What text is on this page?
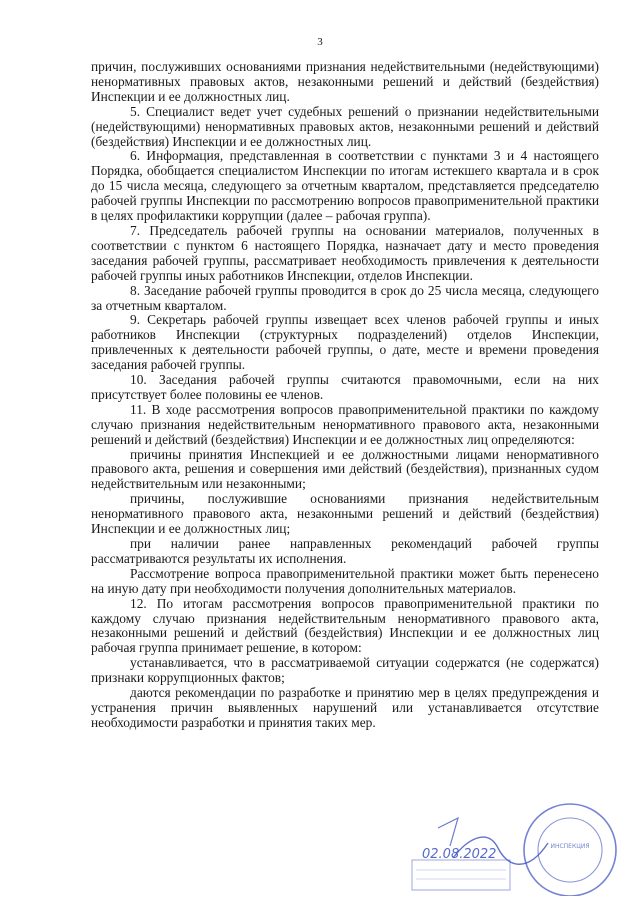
3

причин, послуживших основаниями признания недействительными (недействующими) ненормативных правовых актов, незаконными решений и действий (бездействия) Инспекции и ее должностных лиц.

5. Специалист ведет учет судебных решений о признании недействительными (недействующими) ненормативных правовых актов, незаконными решений и действий (бездействия) Инспекции и ее должностных лиц.

6. Информация, представленная в соответствии с пунктами 3 и 4 настоящего Порядка, обобщается специалистом Инспекции по итогам истекшего квартала и в срок до 15 числа месяца, следующего за отчетным кварталом, представляется председателю рабочей группы Инспекции по рассмотрению вопросов правоприменительной практики в целях профилактики коррупции (далее – рабочая группа).

7. Председатель рабочей группы на основании материалов, полученных в соответствии с пунктом 6 настоящего Порядка, назначает дату и место проведения заседания рабочей группы, рассматривает необходимость привлечения к деятельности рабочей группы иных работников Инспекции, отделов Инспекции.

8. Заседание рабочей группы проводится в срок до 25 числа месяца, следующего за отчетным кварталом.

9. Секретарь рабочей группы извещает всех членов рабочей группы и иных работников Инспекции (структурных подразделений) отделов Инспекции, привлеченных к деятельности рабочей группы, о дате, месте и времени проведения заседания рабочей группы.

10. Заседания рабочей группы считаются правомочными, если на них присутствует более половины ее членов.

11. В ходе рассмотрения вопросов правоприменительной практики по каждому случаю признания недействительным ненормативного правового акта, незаконными решений и действий (бездействия) Инспекции и ее должностных лиц определяются:

причины принятия Инспекцией и ее должностными лицами ненормативного правового акта, решения и совершения ими действий (бездействия), признанных судом недействительным или незаконными;

причины, послужившие основаниями признания недействительным ненормативного правового акта, незаконными решений и действий (бездействия) Инспекции и ее должностных лиц;

при наличии ранее направленных рекомендаций рабочей группы рассматриваются результаты их исполнения.

Рассмотрение вопроса правоприменительной практики может быть перенесено на иную дату при необходимости получения дополнительных материалов.

12. По итогам рассмотрения вопросов правоприменительной практики по каждому случаю признания недействительным ненормативного правового акта, незаконными решений и действий (бездействия) Инспекции и ее должностных лиц рабочая группа принимает решение, в котором:

устанавливается, что в рассматриваемой ситуации содержатся (не содержатся) признаки коррупционных фактов;

даются рекомендации по разработке и принятию мер в целях предупреждения и устранения причин выявленных нарушений или устанавливается отсутствие необходимости разработки и принятия таких мер.

ИНСПЕКЦИЯ
02.08.2022
